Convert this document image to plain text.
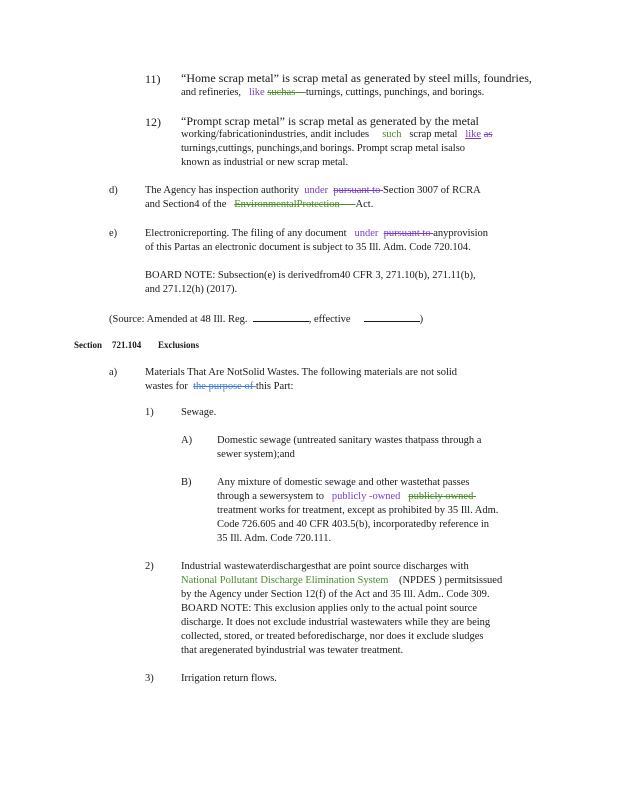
11) “Home scrap metal” is scrap metal as generated by steel mills, foundries,
and refineries, like suchas turnings, cuttings, punchings, and borings.
12) “Prompt scrap metal” is scrap metal as generated by the metal
working/fabricationindustries, andit includes such scrap metal like as
turnings,cuttings, punchings,and borings. Prompt scrap metal isalso
known as industrial or new scrap metal.
d)	The Agency has inspection authority under pursuant to Section 3007 of RCRA
and Section4 of the EnvironmentalProtection Act.
e)	Electronicreporting. The filing of any document under pursuant to anyprovision
of this Partas an electronic document is subject to 35 Ill. Adm. Code 720.104.
BOARD NOTE: Subsection(e) is derivedfrom40 CFR 3, 271.10(b), 271.11(b),
and 271.12(h) (2017).
(Source: Amended at 48 Ill. Reg.	, effective	)
Section 721.104 Exclusions
a)	Materials That Are NotSolid Wastes. The following materials are not solid
wastes for the purpose of this Part:
1)	Sewage.
A) Domestic sewage (untreated sanitary wastes thatpass through a
sewer system);and
B) Any mixture of domestic sewage and other wastethat passes
through a sewersystem to publicly -owned publicly owned
treatment works for treatment, except as prohibited by 35 Ill. Adm.
Code 726.605 and 40 CFR 403.5(b), incorporatedby reference in
35 Ill. Adm. Code 720.111.
2)	Industrial wastewaterdischargesthat are point source discharges with
National Pollutant Discharge Elimination System (NPDES ) permitsissued
by the Agency under Section 12(f) of the Act and 35 Ill. Adm.. Code 309.
BOARD NOTE: This exclusion applies only to the actual point source
discharge. It does not exclude industrial wastewaters while they are being
collected, stored, or treated beforedischarge, nor does it exclude sludges
that aregenerated byindustrial was tewater treatment.
3)	Irrigation return flows.
